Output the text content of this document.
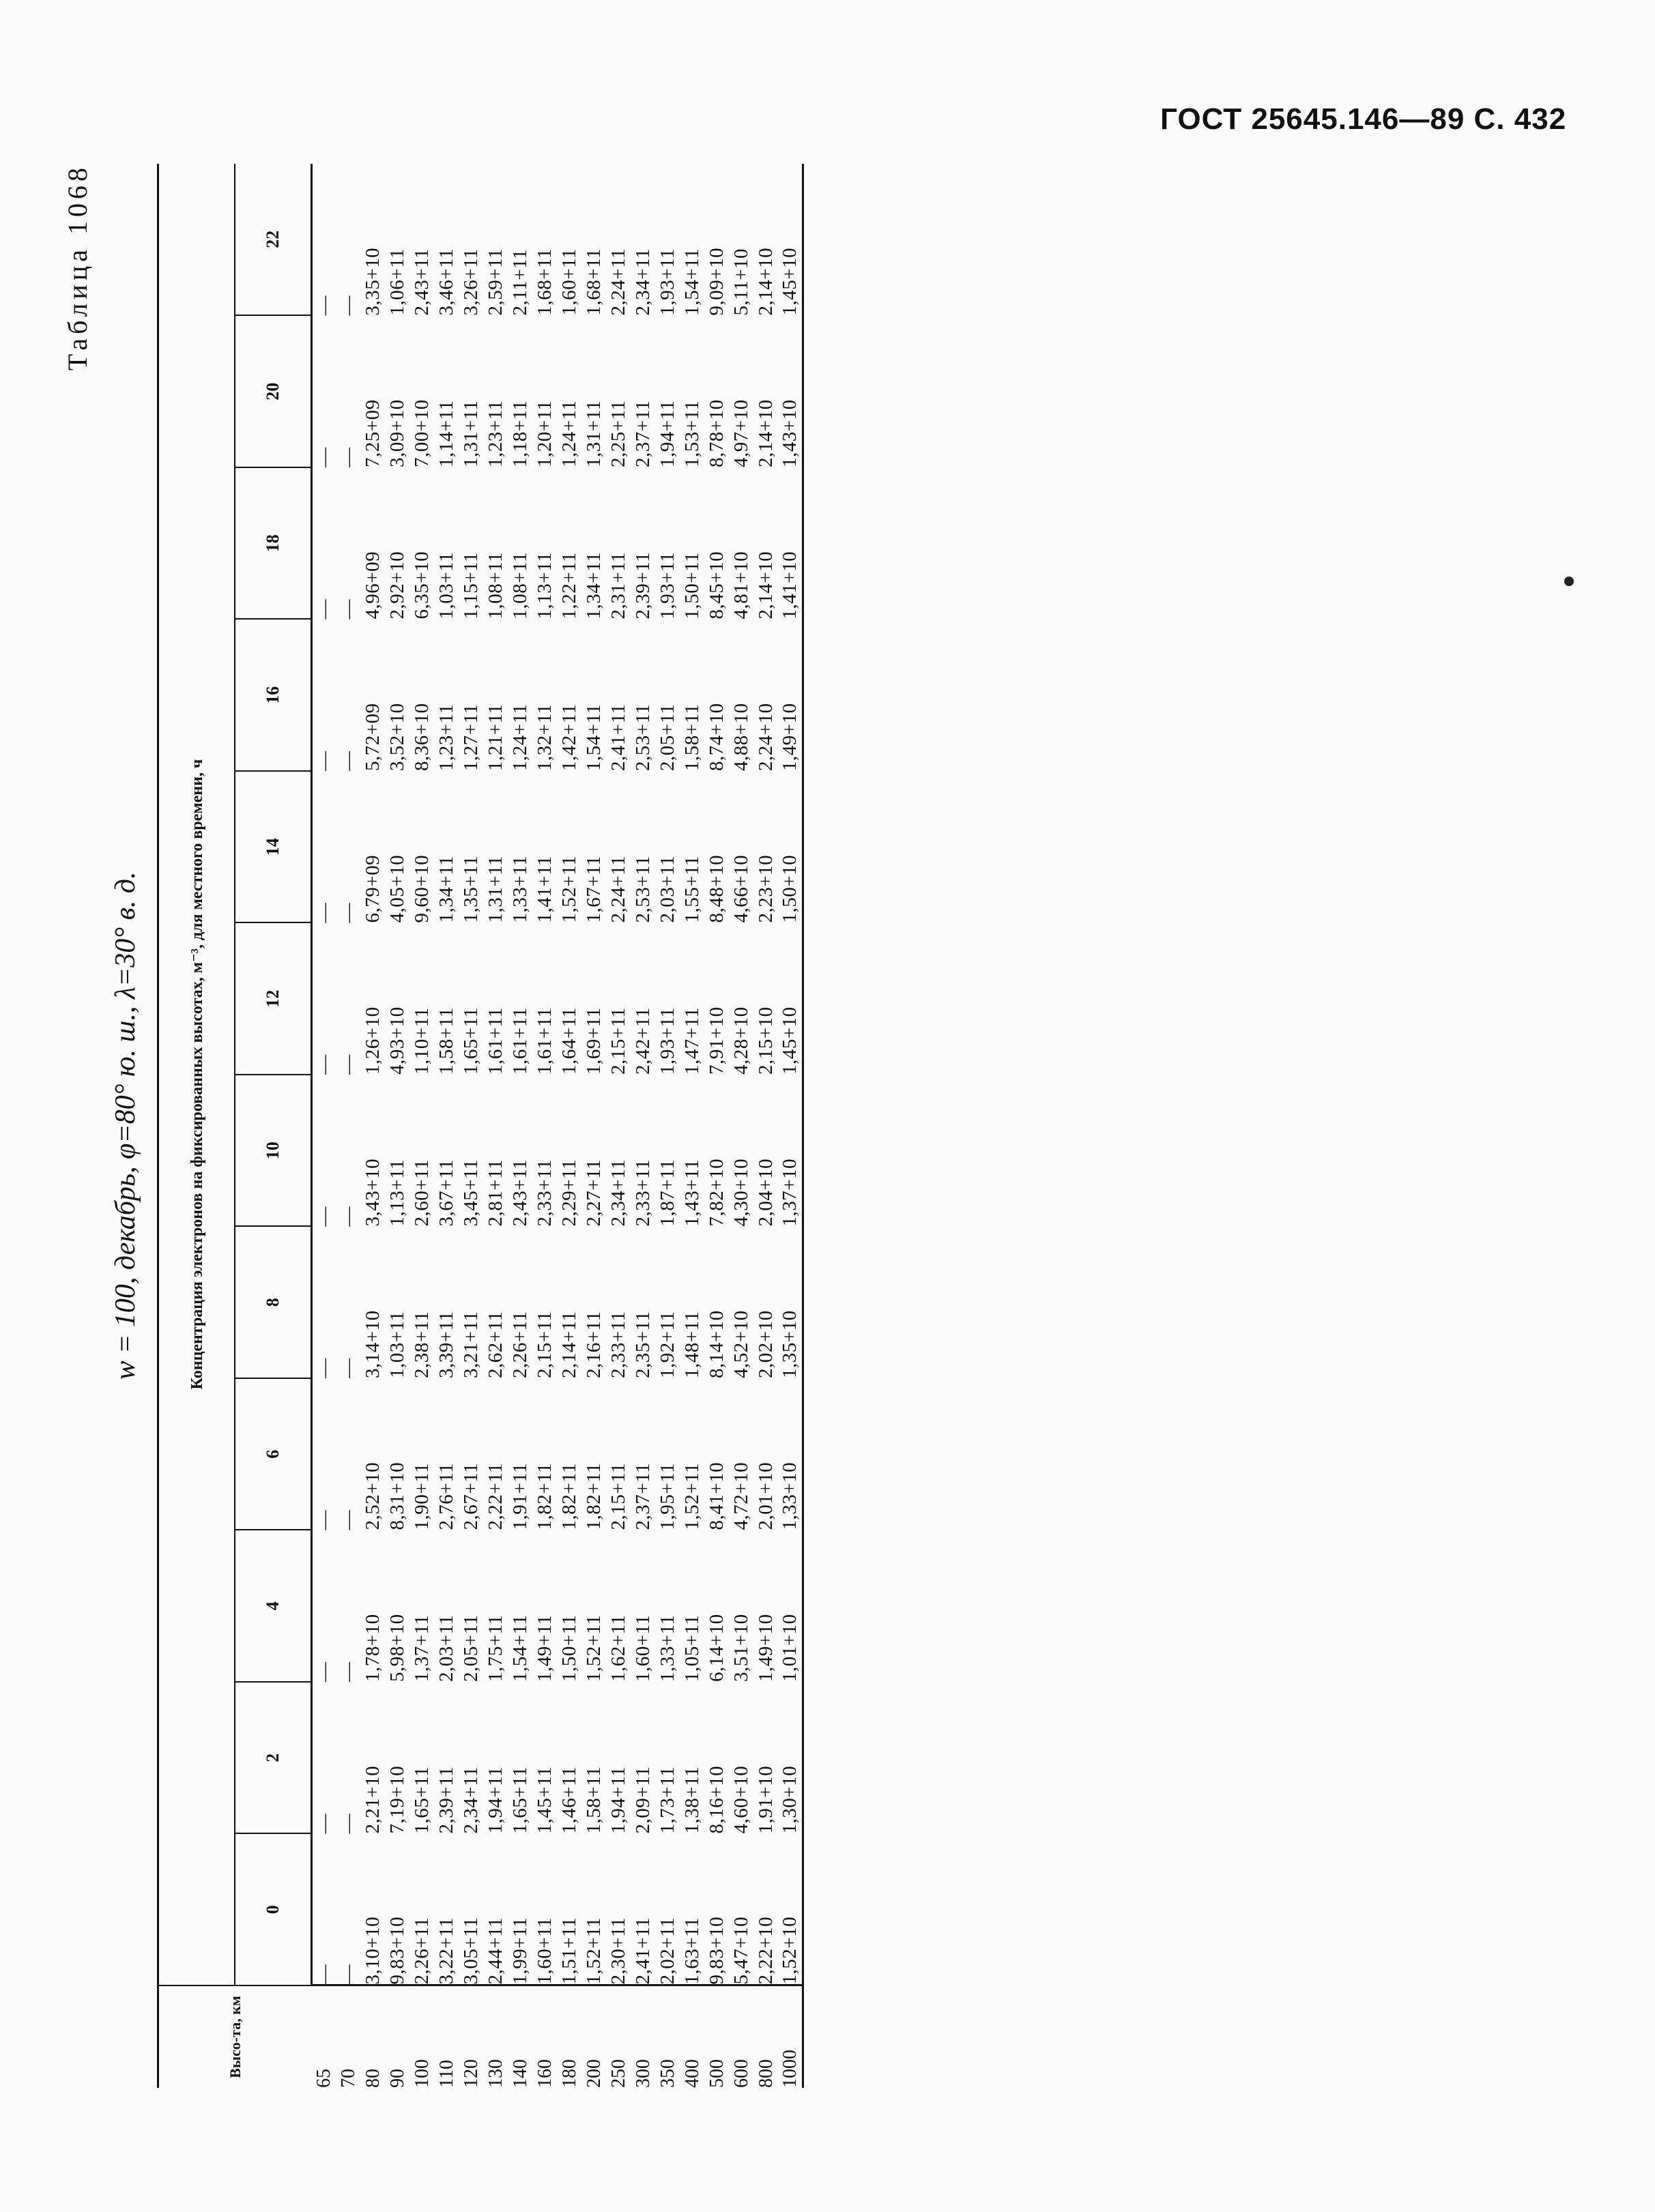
ГОСТ 25645.146—89 С. 432
Таблица 1068
w = 100, декабрь, φ=80° ю. ш., λ=30° в. д.
Высо-та, км	Концентрация электронов на фиксированных высотах, м⁻³, для местного времени, ч											
	0	2	4	6	8	10	12	14	16	18	20	22
65	—	—	—	—	—	—	—	—	—	—	—	—
70	—	—	—	—	—	—	—	—	—	—	—	—
80	3,10+10	2,21+10	1,78+10	2,52+10	3,14+10	3,43+10	1,26+10	6,79+09	5,72+09	4,96+09	7,25+09	3,35+10
90	9,83+10	7,19+10	5,98+10	8,31+10	1,03+11	1,13+11	4,93+10	4,05+10	3,52+10	2,92+10	3,09+10	1,06+11
100	2,26+11	1,65+11	1,37+11	1,90+11	2,38+11	2,60+11	1,10+11	9,60+10	8,36+10	6,35+10	7,00+10	2,43+11
110	3,22+11	2,39+11	2,03+11	2,76+11	3,39+11	3,67+11	1,58+11	1,34+11	1,23+11	1,03+11	1,14+11	3,46+11
120	3,05+11	2,34+11	2,05+11	2,67+11	3,21+11	3,45+11	1,65+11	1,35+11	1,27+11	1,15+11	1,31+11	3,26+11
130	2,44+11	1,94+11	1,75+11	2,22+11	2,62+11	2,81+11	1,61+11	1,31+11	1,21+11	1,08+11	1,23+11	2,59+11
140	1,99+11	1,65+11	1,54+11	1,91+11	2,26+11	2,43+11	1,61+11	1,33+11	1,24+11	1,08+11	1,18+11	2,11+11
160	1,60+11	1,45+11	1,49+11	1,82+11	2,15+11	2,33+11	1,61+11	1,41+11	1,32+11	1,13+11	1,20+11	1,68+11
180	1,51+11	1,46+11	1,50+11	1,82+11	2,14+11	2,29+11	1,64+11	1,52+11	1,42+11	1,22+11	1,24+11	1,60+11
200	1,52+11	1,58+11	1,52+11	1,82+11	2,16+11	2,27+11	1,69+11	1,67+11	1,54+11	1,34+11	1,31+11	1,68+11
250	2,30+11	1,94+11	1,62+11	2,15+11	2,33+11	2,34+11	2,15+11	2,24+11	2,41+11	2,31+11	2,25+11	2,24+11
300	2,41+11	2,09+11	1,60+11	2,37+11	2,35+11	2,33+11	2,42+11	2,53+11	2,53+11	2,39+11	2,37+11	2,34+11
350	2,02+11	1,73+11	1,33+11	1,95+11	1,92+11	1,87+11	1,93+11	2,03+11	2,05+11	1,93+11	1,94+11	1,93+11
400	1,63+11	1,38+11	1,05+11	1,52+11	1,48+11	1,43+11	1,47+11	1,55+11	1,58+11	1,50+11	1,53+11	1,54+11
500	9,83+10	8,16+10	6,14+10	8,41+10	8,14+10	7,82+10	7,91+10	8,48+10	8,74+10	8,45+10	8,78+10	9,09+10
600	5,47+10	4,60+10	3,51+10	4,72+10	4,52+10	4,30+10	4,28+10	4,66+10	4,88+10	4,81+10	4,97+10	5,11+10
800	2,22+10	1,91+10	1,49+10	2,01+10	2,02+10	2,04+10	2,15+10	2,23+10	2,24+10	2,14+10	2,14+10	2,14+10
1000	1,52+10	1,30+10	1,01+10	1,33+10	1,35+10	1,37+10	1,45+10	1,50+10	1,49+10	1,41+10	1,43+10	1,45+10
